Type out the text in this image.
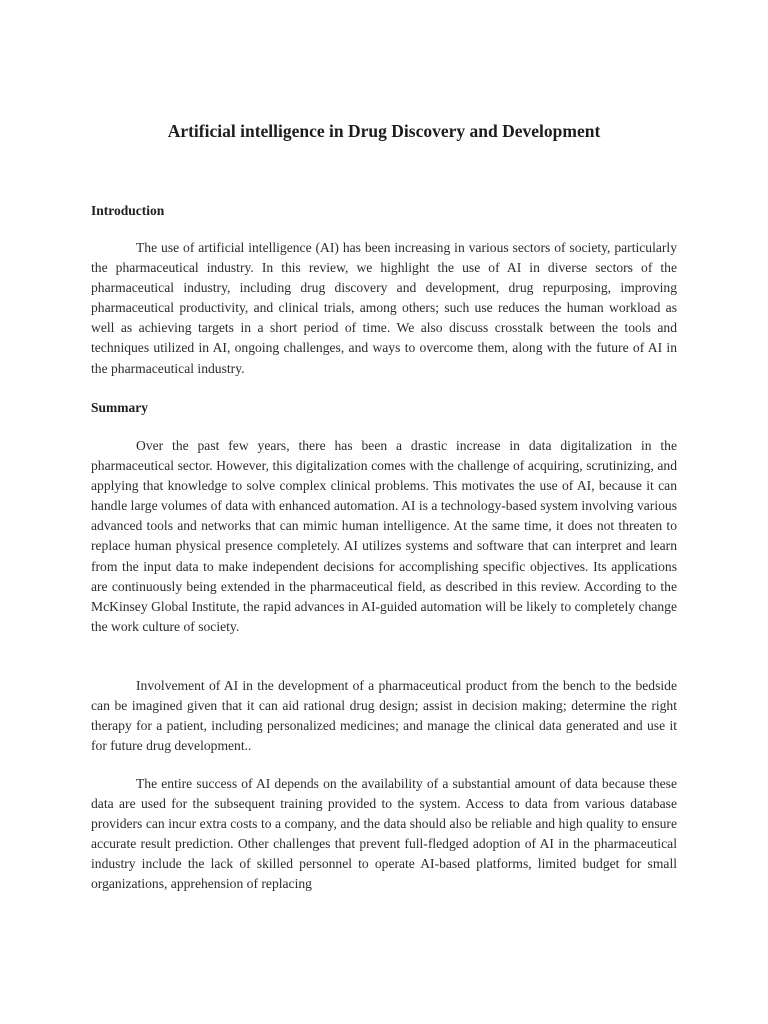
Artificial intelligence in Drug Discovery and Development
Introduction

The use of artificial intelligence (AI) has been increasing in various sectors of society, particularly the pharmaceutical industry. In this review, we highlight the use of AI in diverse sectors of the pharmaceutical industry, including drug discovery and development, drug repurposing, improving pharmaceutical productivity, and clinical trials, among others; such use reduces the human workload as well as achieving targets in a short period of time. We also discuss crosstalk between the tools and techniques utilized in AI, ongoing challenges, and ways to overcome them, along with the future of AI in the pharmaceutical industry.

Summary

Over the past few years, there has been a drastic increase in data digitalization in the pharmaceutical sector. However, this digitalization comes with the challenge of acquiring, scrutinizing, and applying that knowledge to solve complex clinical problems. This motivates the use of AI, because it can handle large volumes of data with enhanced automation. AI is a technology-based system involving various advanced tools and networks that can mimic human intelligence. At the same time, it does not threaten to replace human physical presence completely. AI utilizes systems and software that can interpret and learn from the input data to make independent decisions for accomplishing specific objectives. Its applications are continuously being extended in the pharmaceutical field, as described in this review. According to the McKinsey Global Institute, the rapid advances in AI-guided automation will be likely to completely change the work culture of society.

Involvement of AI in the development of a pharmaceutical product from the bench to the bedside can be imagined given that it can aid rational drug design; assist in decision making; determine the right therapy for a patient, including personalized medicines; and manage the clinical data generated and use it for future drug development..

The entire success of AI depends on the availability of a substantial amount of data because these data are used for the subsequent training provided to the system. Access to data from various database providers can incur extra costs to a company, and the data should also be reliable and high quality to ensure accurate result prediction. Other challenges that prevent full-fledged adoption of AI in the pharmaceutical industry include the lack of skilled personnel to operate AI-based platforms, limited budget for small organizations, apprehension of replacing
